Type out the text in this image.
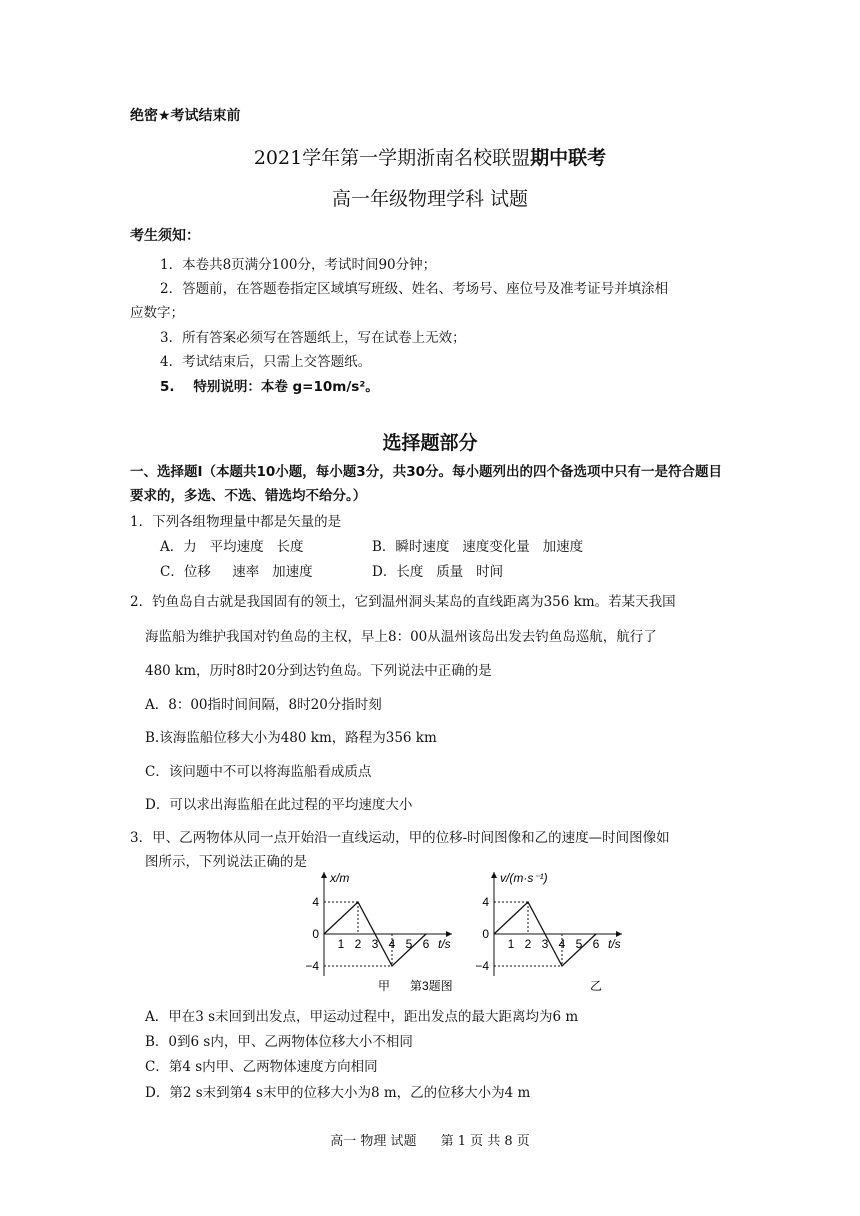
绝密★考试结束前
2021学年第一学期浙南名校联盟期中联考
高一年级物理学科 试题
考生须知：
1．本卷共8页满分100分，考试时间90分钟；
2．答题前，在答题卷指定区域填写班级、姓名、考场号、座位号及准考证号并填涂相
应数字；
3．所有答案必须写在答题纸上，写在试卷上无效；
4．考试结束后，只需上交答题纸。
5.    特别说明：本卷 g=10m/s²。
选择题部分
一、选择题Ⅰ（本题共10小题，每小题3分，共30分。每小题列出的四个备选项中只有一是符合题目要求的，多选、不选、错选均不给分。）
1．下列各组物理量中都是矢量的是
A．力   平均速度   长度	B．瞬时速度   速度变化量   加速度
C．位移     速率   加速度	D．长度   质量   时间
2．钓鱼岛自古就是我国固有的领土，它到温州洞头某岛的直线距离为356 km。若某天我国
海监船为维护我国对钓鱼岛的主权，早上8：00从温州该岛出发去钓鱼岛巡航，航行了
480 km，历时8时20分到达钓鱼岛。下列说法中正确的是
A．8：00指时间间隔，8时20分指时刻
B.该海监船位移大小为480 km，路程为356 km
C．该问题中不可以将海监船看成质点
D．可以求出海监船在此过程的平均速度大小
3．甲、乙两物体从同一点开始沿一直线运动，甲的位移-时间图像和乙的速度—时间图像如
图所示，下列说法正确的是
x/m
t/s
4
0
−4
1 2 3 4 5 6
v/(m·s⁻¹)
t/s
4
0
−4
1 2 3 4 5 6
甲 第3题图	乙
A．甲在3 s末回到出发点，甲运动过程中，距出发点的最大距离均为6 m
B．0到6 s内，甲、乙两物体位移大小不相同
C．第4 s内甲、乙两物体速度方向相同
D．第2 s末到第4 s末甲的位移大小为8 m，乙的位移大小为4 m
高一 物理 试题 第 1 页 共 8 页
